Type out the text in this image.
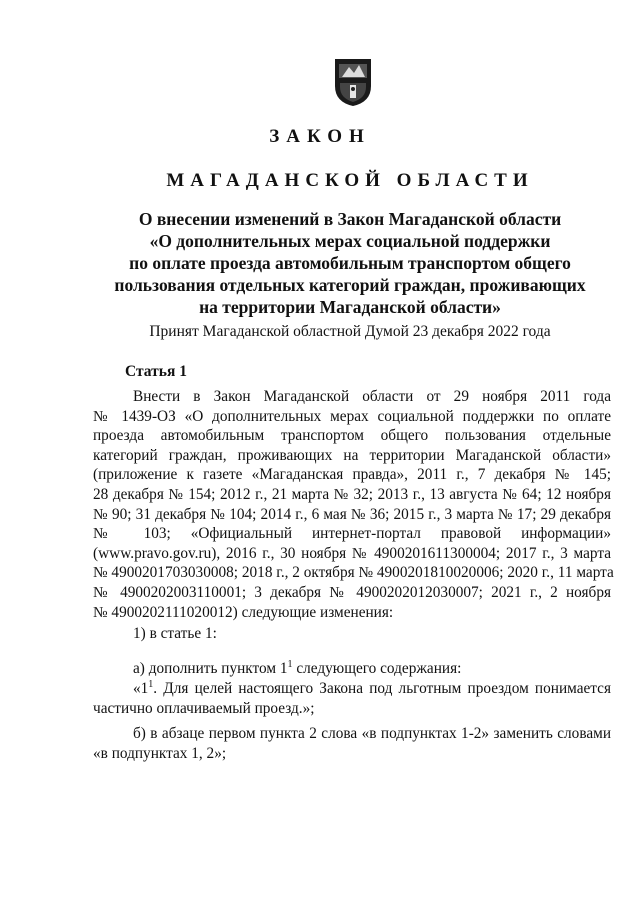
ЗАКОН
МАГАДАНСКОЙ ОБЛАСТИ
О внесении изменений в Закон Магаданской области
«О дополнительных мерах социальной поддержки
по оплате проезда автомобильным транспортом общего
пользования отдельных категорий граждан, проживающих
на территории Магаданской области»
Принят Магаданской областной Думой 23 декабря 2022 года
Статья 1
Внести в Закон Магаданской области от 29 ноября 2011 года
№ 1439-ОЗ «О дополнительных мерах социальной поддержки по оплате
проезда автомобильным транспортом общего пользования отдельные
категорий граждан, проживающих на территории Магаданской области»
(приложение к газете «Магаданская правда», 2011 г., 7 декабря № 145;
28 декабря № 154; 2012 г., 21 марта № 32; 2013 г., 13 августа № 64; 12 ноября
№ 90; 31 декабря № 104; 2014 г., 6 мая № 36; 2015 г., 3 марта № 17; 29 декабря
№ 103; «Официальный интернет-портал правовой информации»
(www.pravo.gov.ru), 2016 г., 30 ноября № 4900201611300004; 2017 г., 3 марта
№ 4900201703030008; 2018 г., 2 октября № 4900201810020006; 2020 г., 11 марта
№ 4900202003110001; 3 декабря № 4900202012030007; 2021 г., 2 ноября
№ 4900202111020012) следующие изменения:
1) в статье 1:
а) дополнить пунктом $1^1$ следующего содержания:
«$1^1$. Для целей настоящего Закона под льготным проездом понимается
частично оплачиваемый проезд.»;
б) в абзаце первом пункта 2 слова «в подпунктах 1-2» заменить словами
«в подпунктах 1, 2»;
